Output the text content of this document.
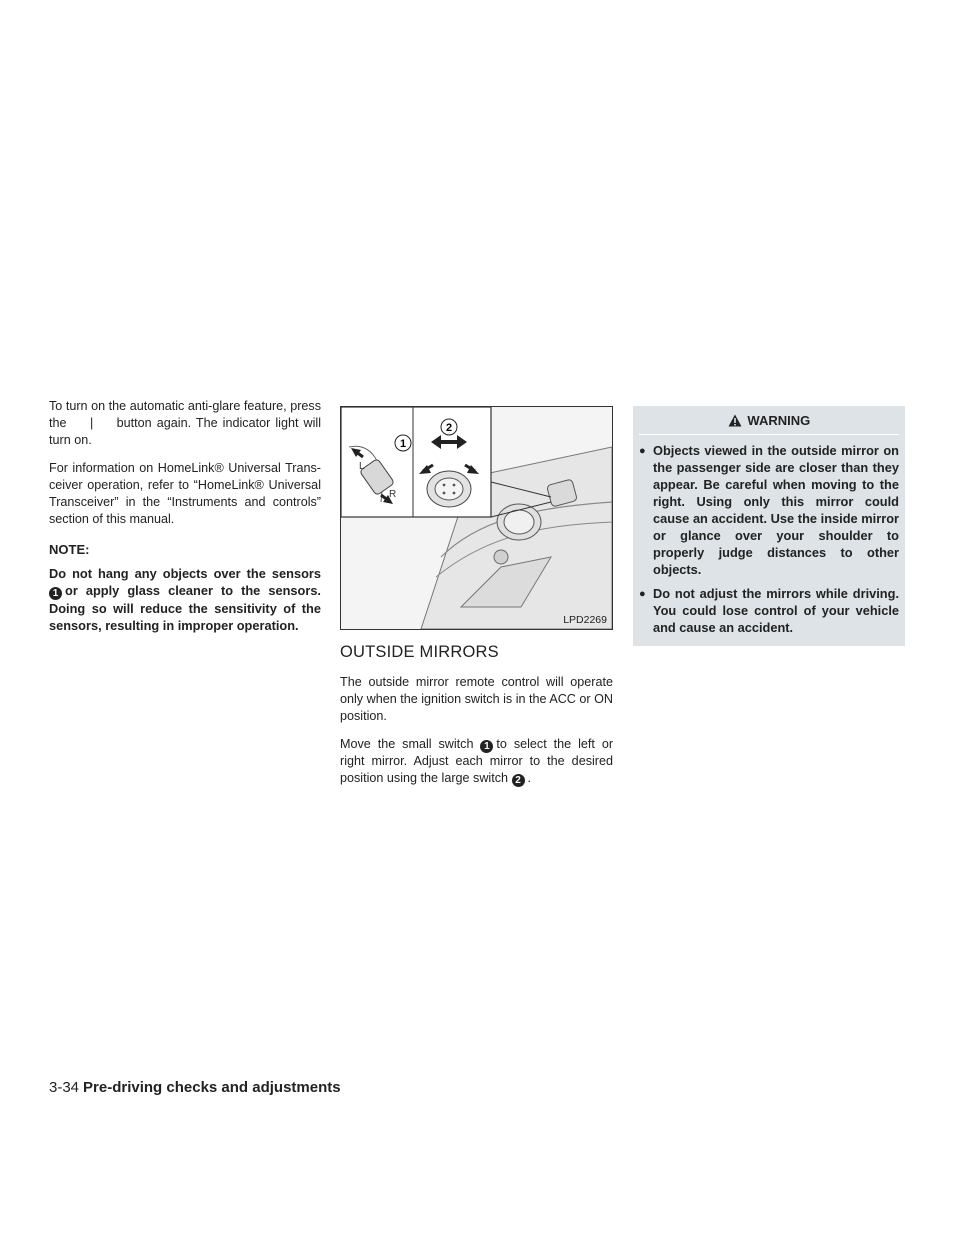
To turn on the automatic anti-glare feature, press the | button again. The indicator light will turn on.

For information on HomeLink® Universal Trans-ceiver operation, refer to “HomeLink® Universal Transceiver” in the “Instruments and controls” section of this manual.

NOTE:

Do not hang any objects over the sensors 1 or apply glass cleaner to the sensors. Doing so will reduce the sensitivity of the sensors, resulting in improper operation.

L
R
1
2
LPD2269
OUTSIDE MIRRORS

The outside mirror remote control will operate only when the ignition switch is in the ACC or ON position.

Move the small switch 1 to select the left or right mirror. Adjust each mirror to the desired position using the large switch 2 .

WARNING
● Objects viewed in the outside mirror on the passenger side are closer than they appear. Be careful when moving to the right. Using only this mirror could cause an accident. Use the inside mirror or glance over your shoulder to properly judge distances to other objects.
● Do not adjust the mirrors while driving. You could lose control of your vehicle and cause an accident.
3-34 Pre-driving checks and adjustments
